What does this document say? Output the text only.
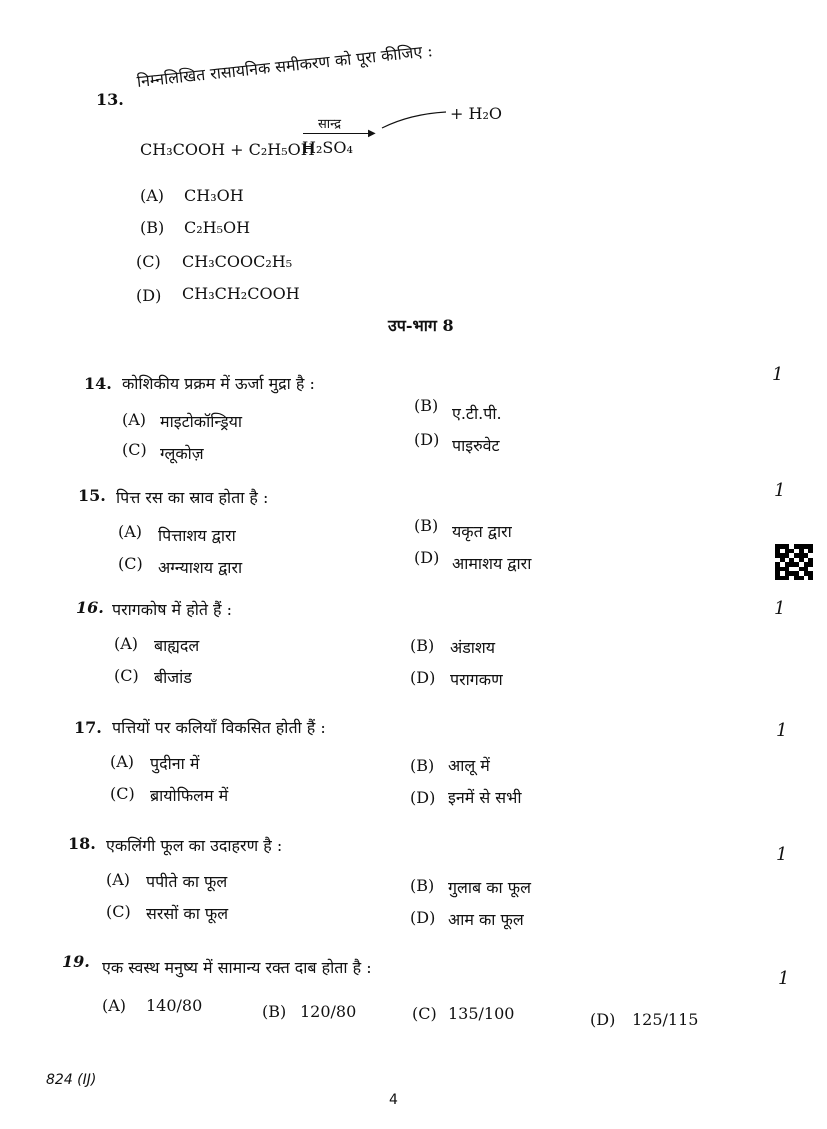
13.
निम्नलिखित रासायनिक समीकरण को पूरा कीजिए :
CH₃COOH + C₂H₅OH
सान्द्र
▶
H₂SO₄
+ H₂O
(A) CH₃OH
(B) C₂H₅OH
(C) CH₃COOC₂H₅
(D) CH₃CH₂COOH
उप-भाग 8
14. कोशिकीय प्रक्रम में ऊर्जा मुद्रा है :	1
(A) माइटोकॉन्ड्रिया
(B) ए.टी.पी.
(C) ग्लूकोज़
(D) पाइरुवेट
15. पित्त रस का स्राव होता है :	1
(A) पित्ताशय द्वारा
(B) यकृत द्वारा
(C) अग्न्याशय द्वारा
(D) आमाशय द्वारा
16. परागकोष में होते हैं :	1
(A) बाह्यदल	(B) अंडाशय
(C) बीजांड	(D) परागकण
17. पत्तियों पर कलियाँ विकसित होती हैं :	1
(A) पुदीना में	(B) आलू में
(C) ब्रायोफिलम में	(D) इनमें से सभी
18. एकलिंगी फूल का उदाहरण है :	1
(A) पपीते का फूल	(B) गुलाब का फूल
(C) सरसों का फूल	(D) आम का फूल
19. एक स्वस्थ मनुष्य में सामान्य रक्त दाब होता है :
1
(A) 140/80	(B) 120/80	(C) 135/100	(D) 125/115
824 (IJ)
4
